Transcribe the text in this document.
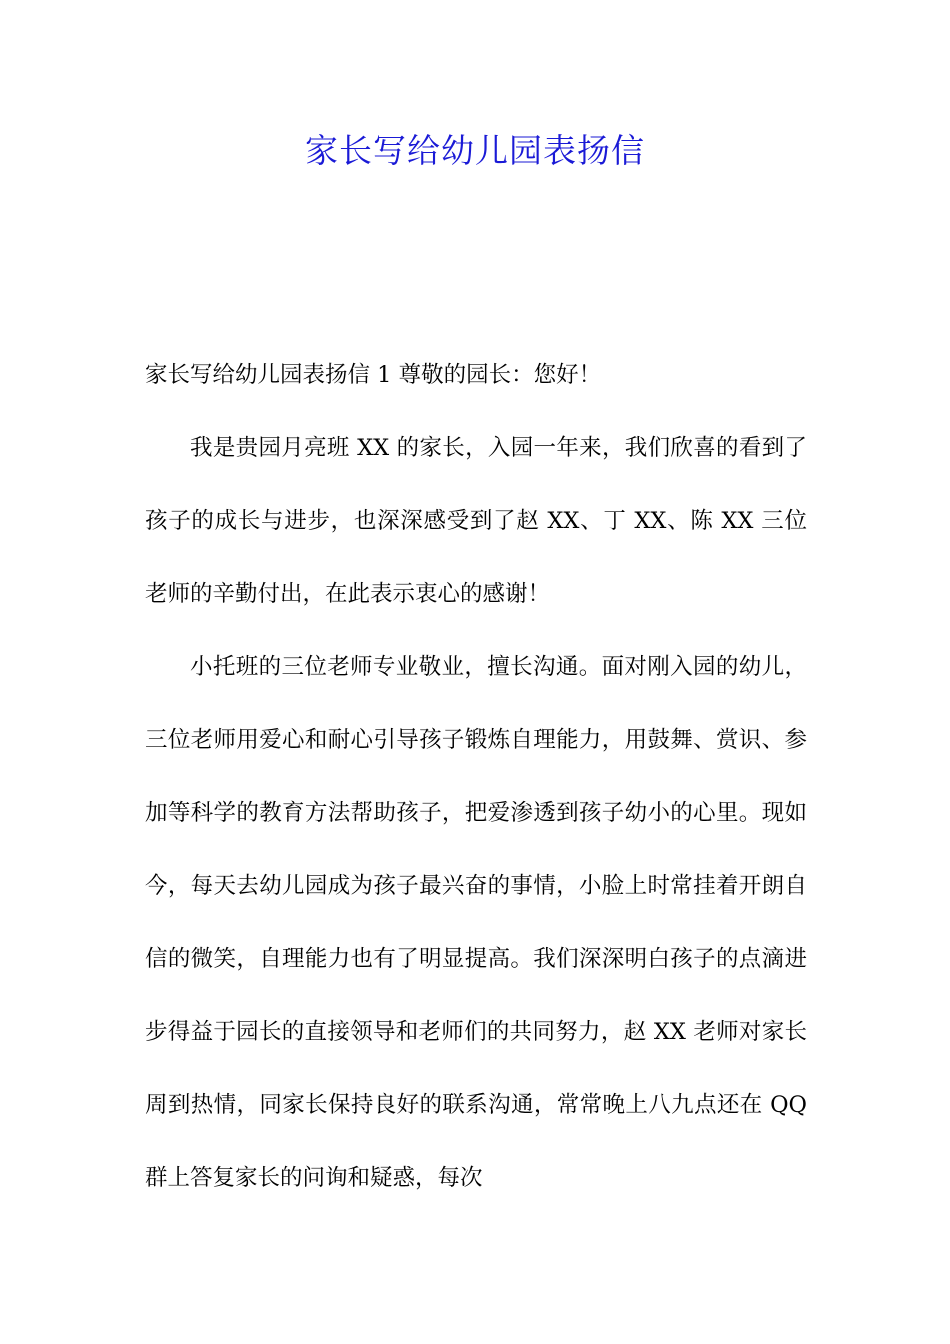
家长写给幼儿园表扬信

家长写给幼儿园表扬信 1 尊敬的园长：您好！

我是贵园月亮班 XX 的家长，入园一年来，我们欣喜的看到了孩子的成长与进步，也深深感受到了赵 XX、丁 XX、陈 XX 三位老师的辛勤付出，在此表示衷心的感谢！

小托班的三位老师专业敬业，擅长沟通。面对刚入园的幼儿，三位老师用爱心和耐心引导孩子锻炼自理能力，用鼓舞、赏识、参加等科学的教育方法帮助孩子，把爱渗透到孩子幼小的心里。现如今，每天去幼儿园成为孩子最兴奋的事情，小脸上时常挂着开朗自信的微笑，自理能力也有了明显提高。我们深深明白孩子的点滴进步得益于园长的直接领导和老师们的共同努力，赵 XX 老师对家长周到热情，同家长保持良好的联系沟通，常常晚上八九点还在 QQ 群上答复家长的问询和疑惑，每次
